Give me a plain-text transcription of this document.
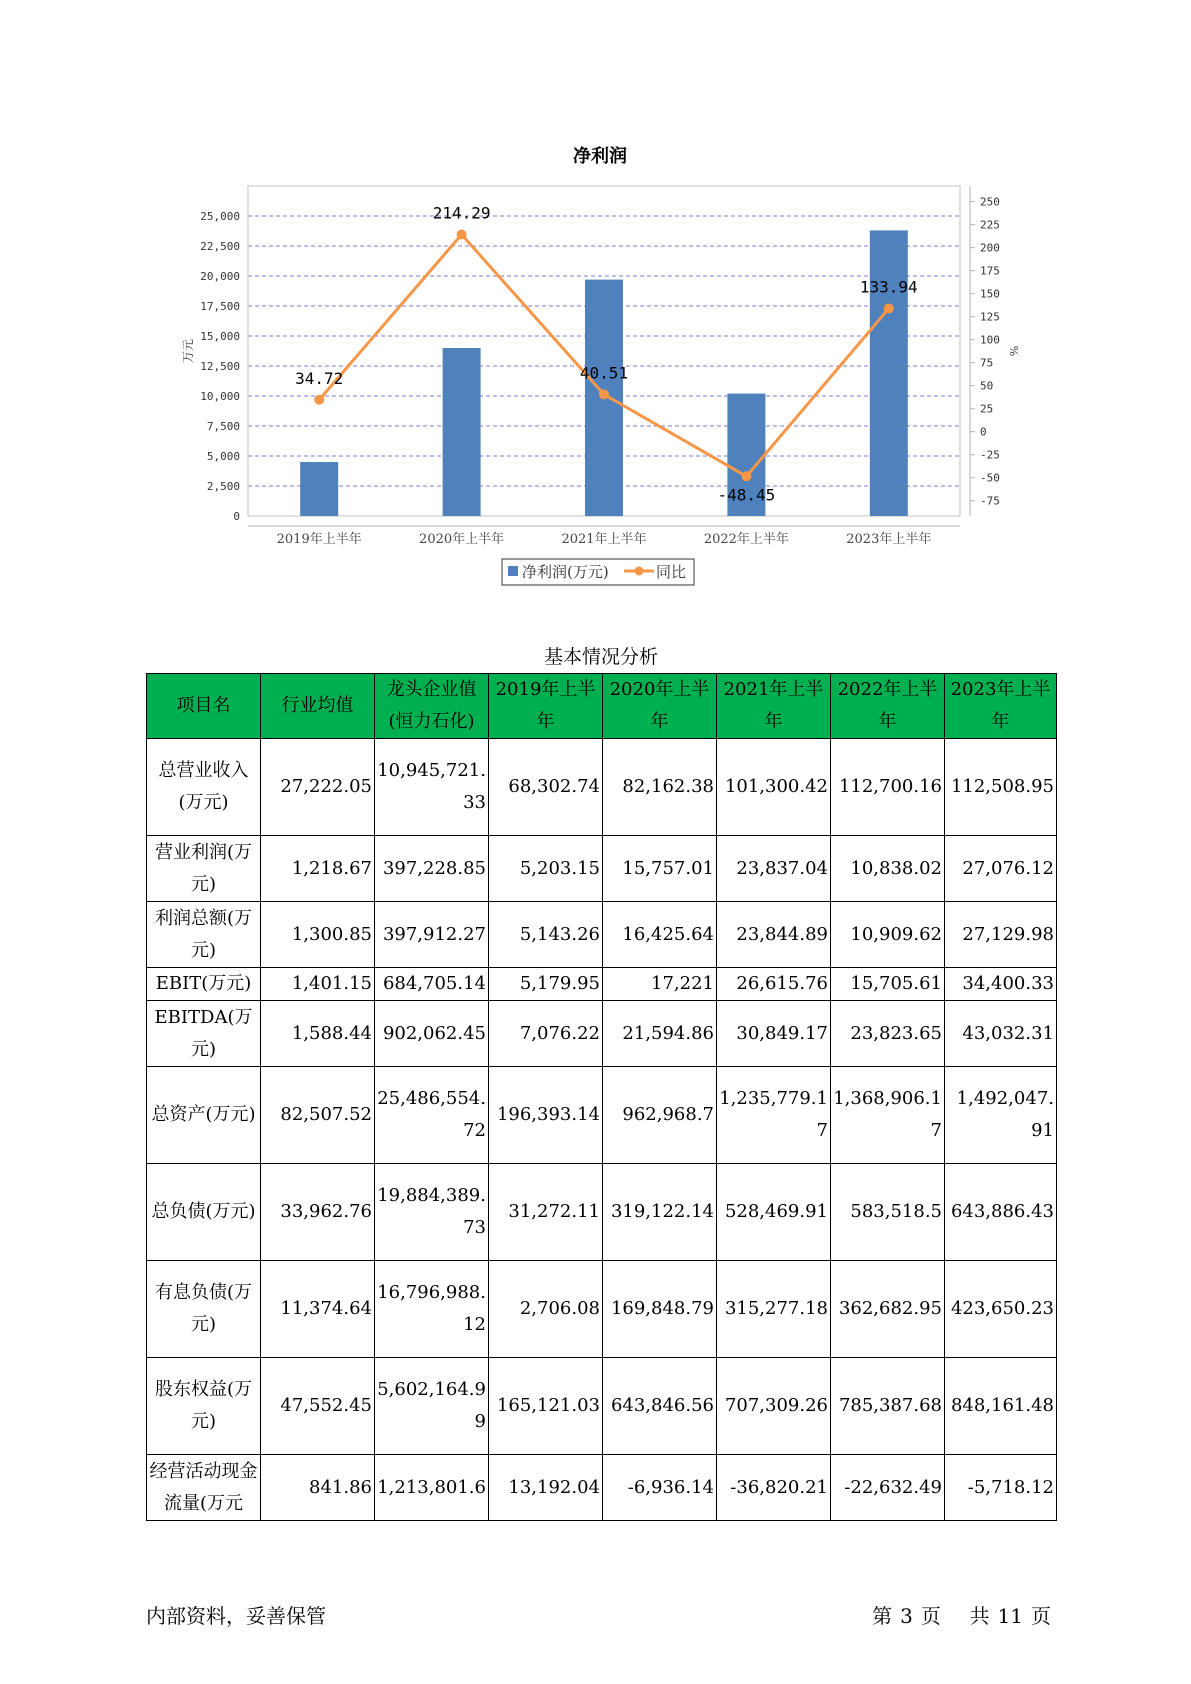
净利润
0
2,500
5,000
7,500
10,000
12,500
15,000
17,500
20,000
22,500
25,000
-75
-50
-25
0
25
50
75
100
125
150
175
200
225
250
万元	%
2019年上半年	2020年上半年	2021年上半年	2022年上半年	2023年上半年
34.72
214.29
40.51
-48.45
133.94
净利润(万元)	同比
基本情况分析
项目名	行业均值	龙头企业值(恒力石化)	2019年上半年	2020年上半年	2021年上半年	2022年上半年	2023年上半年
总营业收入(万元)	27,222.05	10,945,721.33	68,302.74	82,162.38	101,300.42	112,700.16	112,508.95
营业利润(万元)	1,218.67	397,228.85	5,203.15	15,757.01	23,837.04	10,838.02	27,076.12
利润总额(万元)	1,300.85	397,912.27	5,143.26	16,425.64	23,844.89	10,909.62	27,129.98
EBIT(万元)	1,401.15	684,705.14	5,179.95	17,221	26,615.76	15,705.61	34,400.33
EBITDA(万元)	1,588.44	902,062.45	7,076.22	21,594.86	30,849.17	23,823.65	43,032.31
总资产(万元)	82,507.52	25,486,554.72	196,393.14	962,968.7	1,235,779.17	1,368,906.17	1,492,047.91
总负债(万元)	33,962.76	19,884,389.73	31,272.11	319,122.14	528,469.91	583,518.5	643,886.43
有息负债(万元)	11,374.64	16,796,988.12	2,706.08	169,848.79	315,277.18	362,682.95	423,650.23
股东权益(万元)	47,552.45	5,602,164.99	165,121.03	643,846.56	707,309.26	785,387.68	848,161.48
经营活动现金流量(万元	841.86	1,213,801.6	13,192.04	-6,936.14	-36,820.21	-22,632.49	-5,718.12
内部资料，妥善保管	第 3 页 共 11 页
